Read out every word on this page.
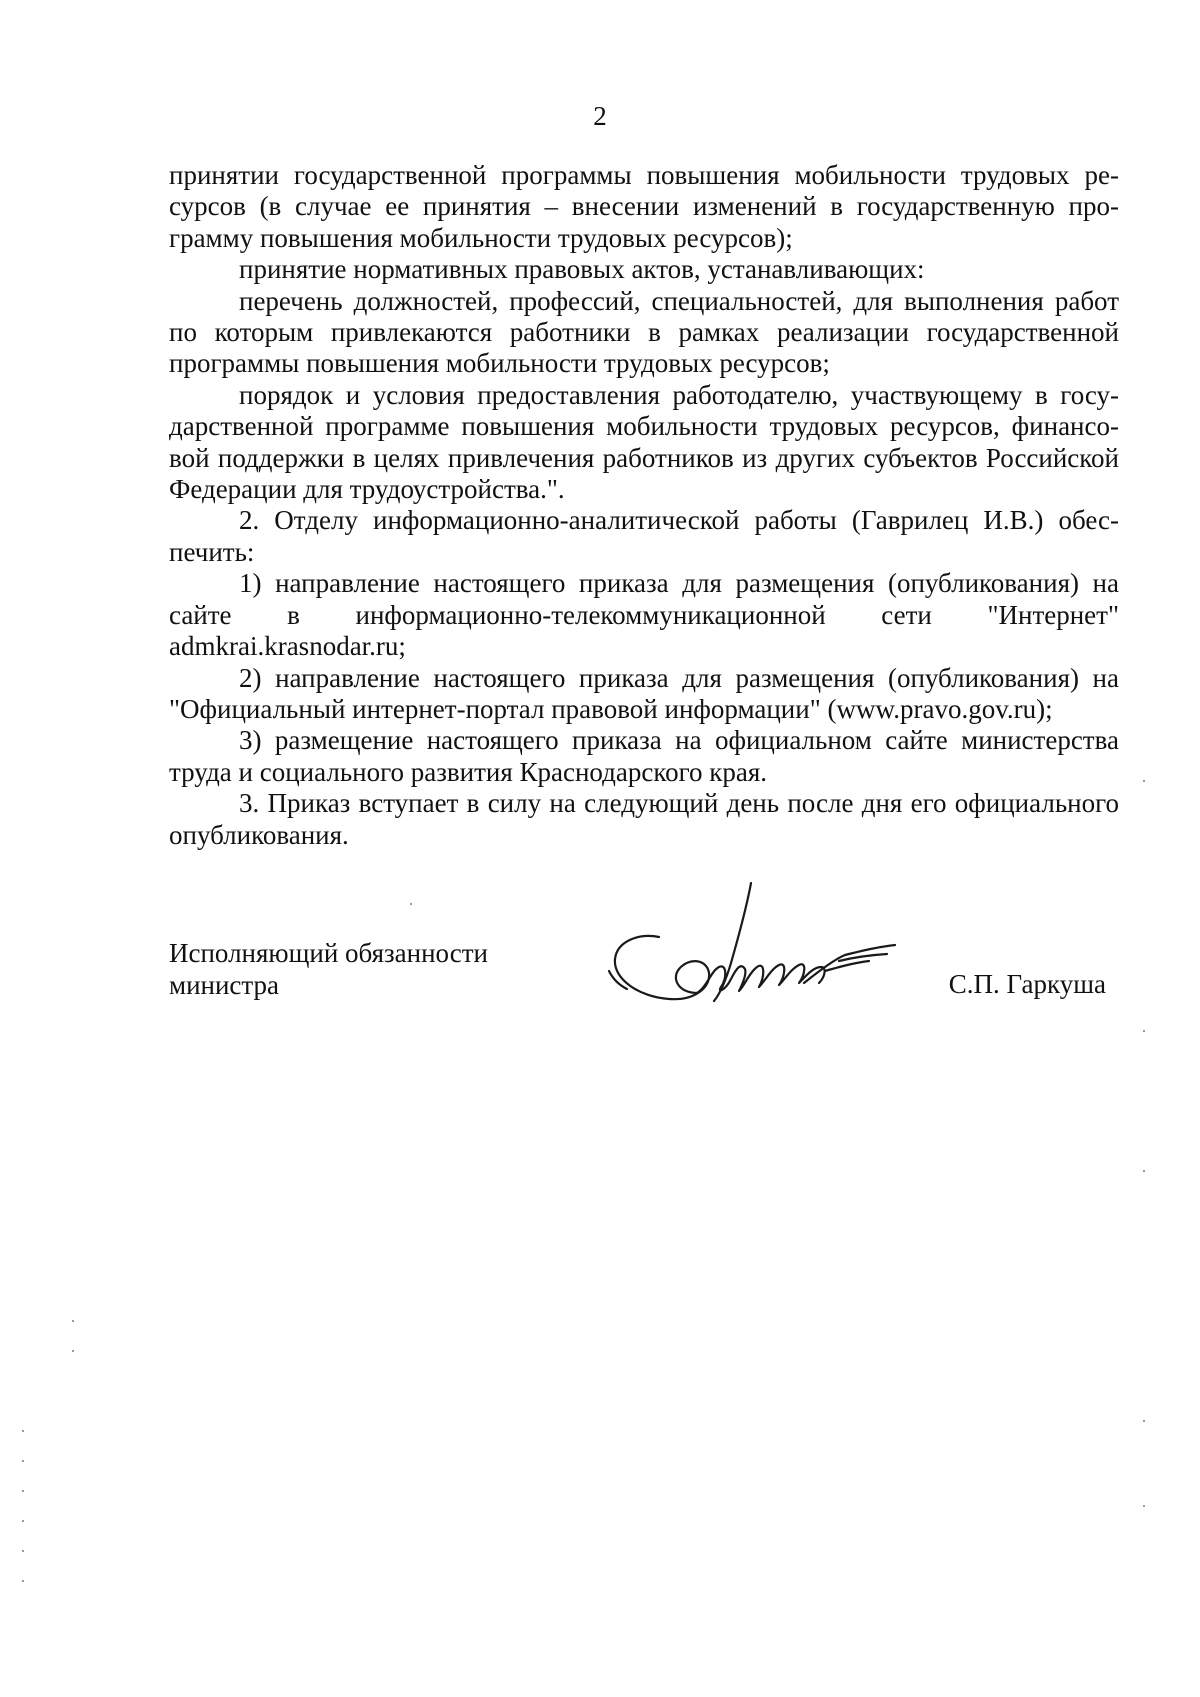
2

принятии государственной программы повышения мобильности трудовых ресурсов (в случае ее принятия – внесении изменений в государственную программу повышения мобильности трудовых ресурсов);

принятие нормативных правовых актов, устанавливающих:

перечень должностей, профессий, специальностей, для выполнения работ по которым привлекаются работники в рамках реализации государственной программы повышения мобильности трудовых ресурсов;

порядок и условия предоставления работодателю, участвующему в государственной программе повышения мобильности трудовых ресурсов, финансовой поддержки в целях привлечения работников из других субъектов Российской Федерации для трудоустройства.".

2. Отделу информационно-аналитической работы (Гаврилец И.В.) обеспечить:

1) направление настоящего приказа для размещения (опубликования) на сайте в информационно-телекоммуникационной сети "Интернет" admkrai.krasnodar.ru;

2) направление настоящего приказа для размещения (опубликования) на "Официальный интернет-портал правовой информации" (www.pravo.gov.ru);

3) размещение настоящего приказа на официальном сайте министерства труда и социального развития Краснодарского края.

3. Приказ вступает в силу на следующий день после дня его официального опубликования.

Исполняющий обязанности
министра	С.П. Гаркуша
